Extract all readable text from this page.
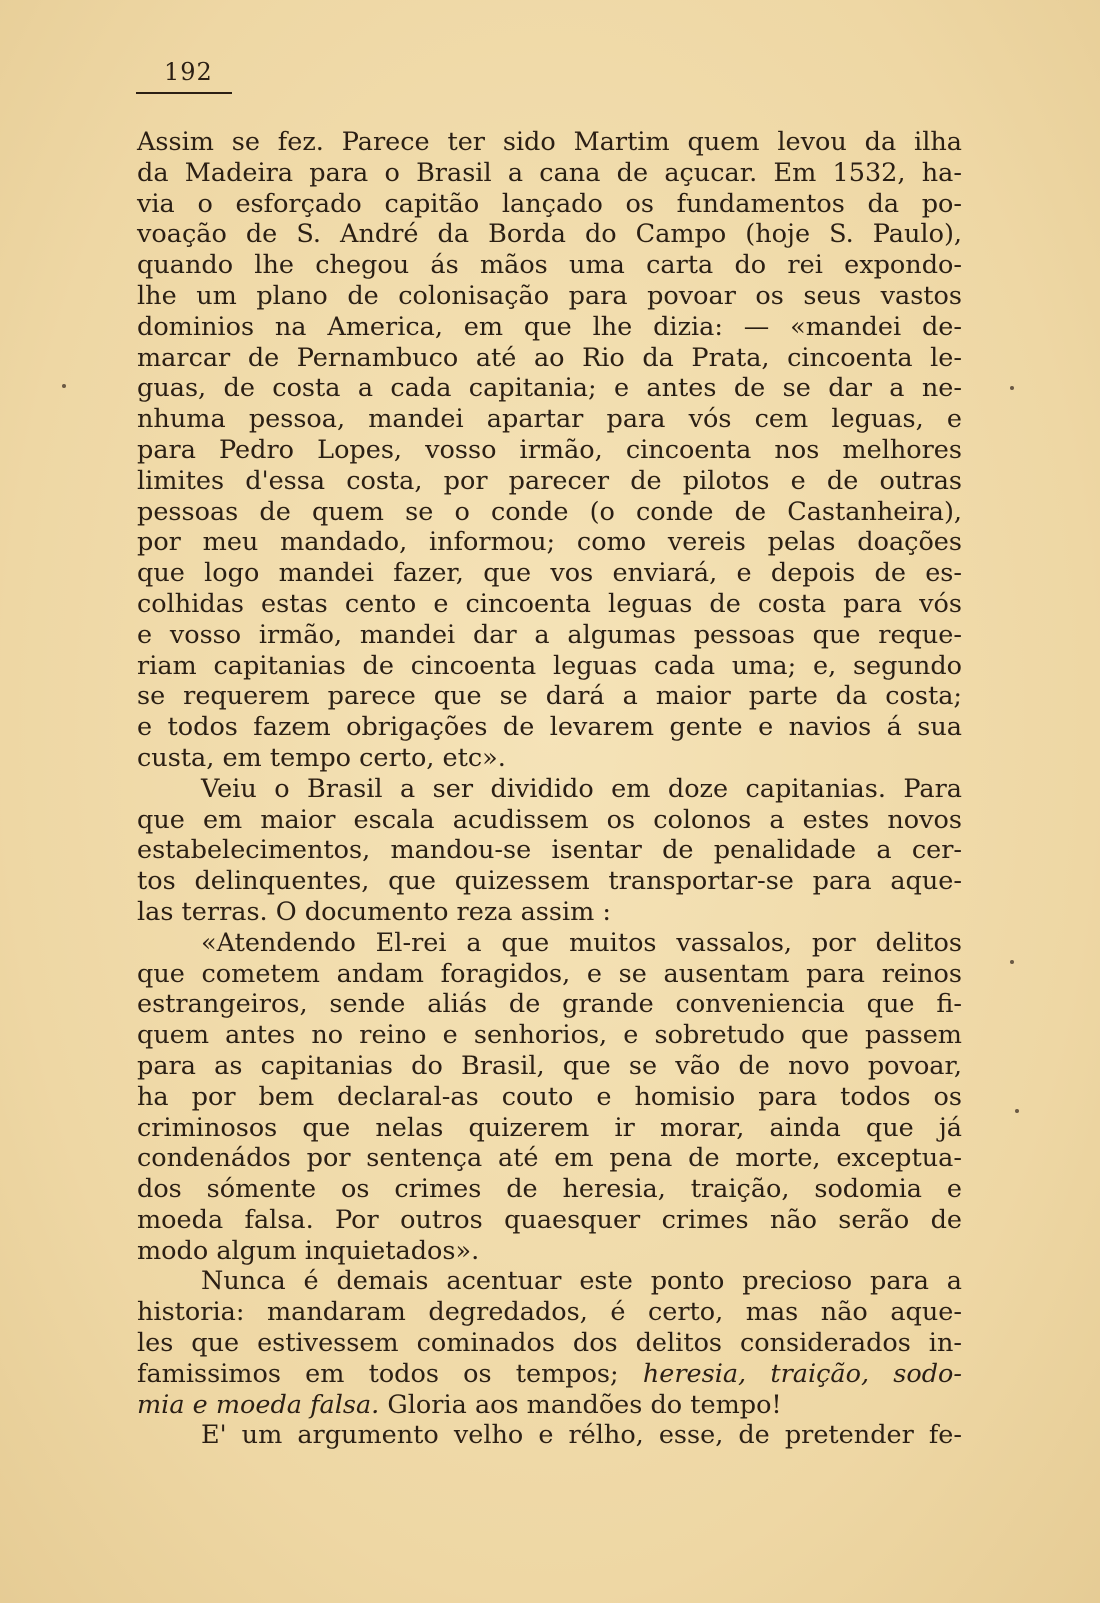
192
Assim se fez. Parece ter sido Martim quem levou da ilha
da Madeira para o Brasil a cana de açucar. Em 1532, ha-
via o esforçado capitão lançado os fundamentos da po-
voação de S. André da Borda do Campo (hoje S. Paulo),
quando lhe chegou ás mãos uma carta do rei expondo-
lhe um plano de colonisação para povoar os seus vastos
dominios na America, em que lhe dizia: — «mandei de-
marcar de Pernambuco até ao Rio da Prata, cincoenta le-
guas, de costa a cada capitania; e antes de se dar a ne-
nhuma pessoa, mandei apartar para vós cem leguas, e
para Pedro Lopes, vosso irmão, cincoenta nos melhores
limites d'essa costa, por parecer de pilotos e de outras
pessoas de quem se o conde (o conde de Castanheira),
por meu mandado, informou; como vereis pelas doações
que logo mandei fazer, que vos enviará, e depois de es-
colhidas estas cento e cincoenta leguas de costa para vós
e vosso irmão, mandei dar a algumas pessoas que reque-
riam capitanias de cincoenta leguas cada uma; e, segundo
se requerem parece que se dará a maior parte da costa;
e todos fazem obrigações de levarem gente e navios á sua
custa, em tempo certo, etc».
Veiu o Brasil a ser dividido em doze capitanias. Para
que em maior escala acudissem os colonos a estes novos
estabelecimentos, mandou-se isentar de penalidade a cer-
tos delinquentes, que quizessem transportar-se para aque-
las terras. O documento reza assim :
«Atendendo El-rei a que muitos vassalos, por delitos
que cometem andam foragidos, e se ausentam para reinos
estrangeiros, sende aliás de grande conveniencia que fi-
quem antes no reino e senhorios, e sobretudo que passem
para as capitanias do Brasil, que se vão de novo povoar,
ha por bem declaral-as couto e homisio para todos os
criminosos que nelas quizerem ir morar, ainda que já
condenádos por sentença até em pena de morte, exceptua-
dos sómente os crimes de heresia, traição, sodomia e
moeda falsa. Por outros quaesquer crimes não serão de
modo algum inquietados».
Nunca é demais acentuar este ponto precioso para a
historia: mandaram degredados, é certo, mas não aque-
les que estivessem cominados dos delitos considerados in-
famissimos em todos os tempos; heresia, traição, sodo-
mia e moeda falsa. Gloria aos mandões do tempo!
E' um argumento velho e rélho, esse, de pretender fe-
